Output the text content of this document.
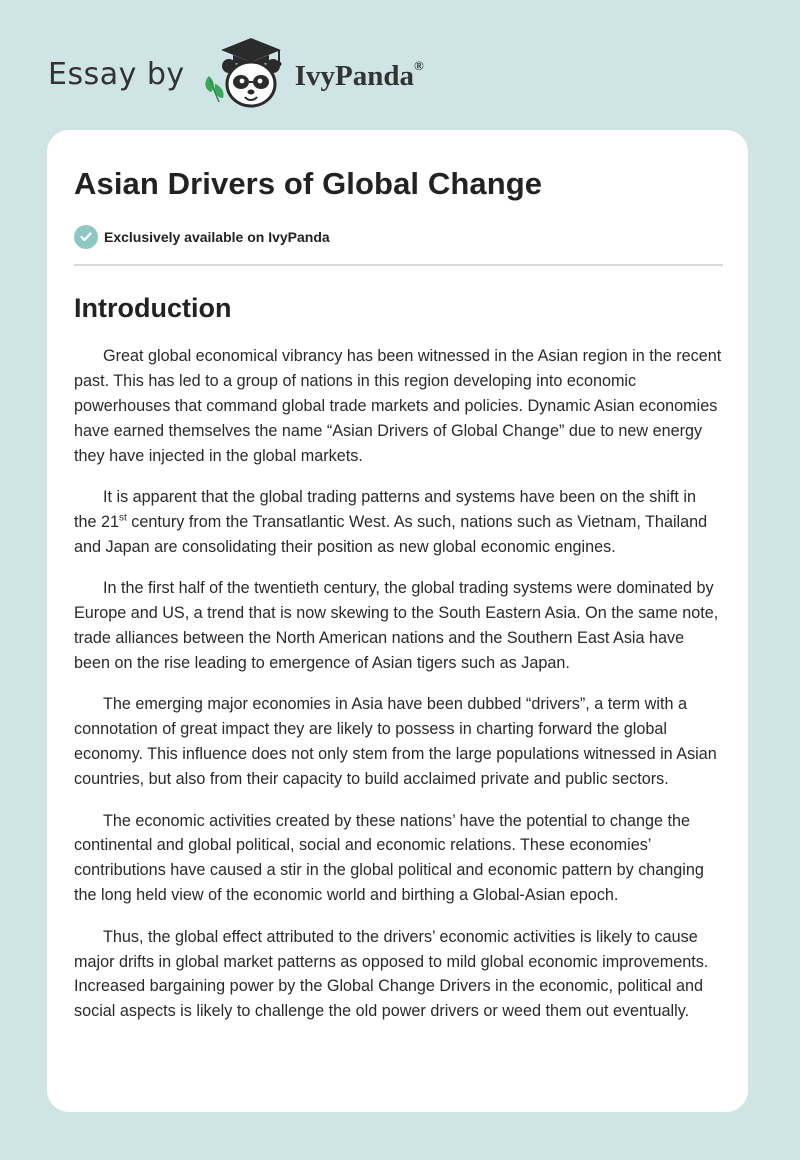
Essay by	IvyPanda®
Asian Drivers of Global Change
Exclusively available on IvyPanda
Introduction

Great global economical vibrancy has been witnessed in the Asian region in the recent past. This has led to a group of nations in this region developing into economic powerhouses that command global trade markets and policies. Dynamic Asian economies have earned themselves the name “Asian Drivers of Global Change” due to new energy they have injected in the global markets.

It is apparent that the global trading patterns and systems have been on the shift in the 21st century from the Transatlantic West. As such, nations such as Vietnam, Thailand and Japan are consolidating their position as new global economic engines.

In the first half of the twentieth century, the global trading systems were dominated by Europe and US, a trend that is now skewing to the South Eastern Asia. On the same note, trade alliances between the North American nations and the Southern East Asia have been on the rise leading to emergence of Asian tigers such as Japan.

The emerging major economies in Asia have been dubbed “drivers”, a term with a connotation of great impact they are likely to possess in charting forward the global economy. This influence does not only stem from the large populations witnessed in Asian countries, but also from their capacity to build acclaimed private and public sectors.

The economic activities created by these nations’ have the potential to change the continental and global political, social and economic relations. These economies’ contributions have caused a stir in the global political and economic pattern by changing the long held view of the economic world and birthing a Global-Asian epoch.

Thus, the global effect attributed to the drivers’ economic activities is likely to cause major drifts in global market patterns as opposed to mild global economic improvements. Increased bargaining power by the Global Change Drivers in the economic, political and social aspects is likely to challenge the old power drivers or weed them out eventually.
